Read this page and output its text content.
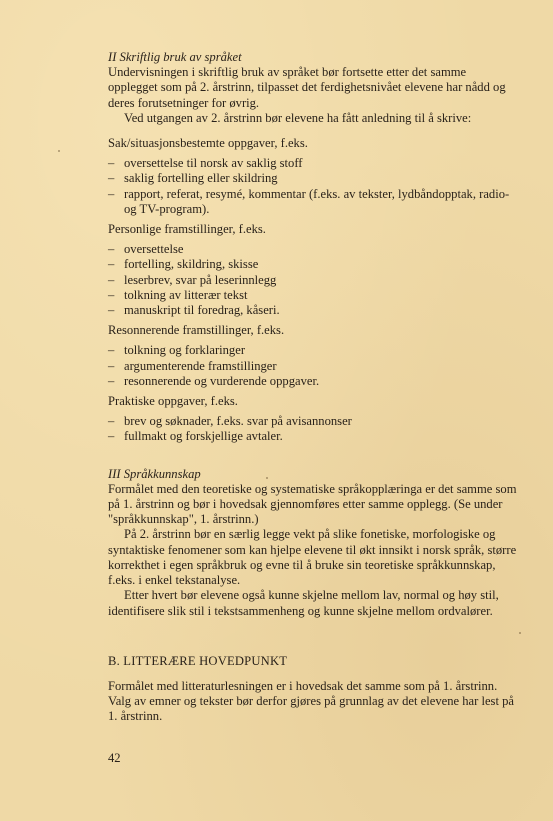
II Skriftlig bruk av språket

Undervisningen i skriftlig bruk av språket bør fortsette etter det samme opplegget som på 2. årstrinn, tilpasset det ferdighetsnivået elevene har nådd og deres forutsetninger for øvrig.

Ved utgangen av 2. årstrinn bør elevene ha fått anledning til å skrive:

Sak/situasjonsbestemte oppgaver, f.eks.

– oversettelse til norsk av saklig stoff
– saklig fortelling eller skildring
– rapport, referat, resymé, kommentar (f.eks. av tekster, lydbåndopptak, radio- og TV-program).

Personlige framstillinger, f.eks.

– oversettelse
– fortelling, skildring, skisse
– leserbrev, svar på leserinnlegg
– tolkning av litterær tekst
– manuskript til foredrag, kåseri.

Resonnerende framstillinger, f.eks.

– tolkning og forklaringer
– argumenterende framstillinger
– resonnerende og vurderende oppgaver.

Praktiske oppgaver, f.eks.

– brev og søknader, f.eks. svar på avisannonser
– fullmakt og forskjellige avtaler.

III Språkkunnskap

Formålet med den teoretiske og systematiske språkopplæringa er det samme som på 1. årstrinn og bør i hovedsak gjennomføres etter samme opplegg. (Se under "språkkunnskap", 1. årstrinn.)

På 2. årstrinn bør en særlig legge vekt på slike fonetiske, morfologiske og syntaktiske fenomener som kan hjelpe elevene til økt innsikt i norsk språk, større korrekthet i egen språkbruk og evne til å bruke sin teoretiske språkkunnskap, f.eks. i enkel tekstanalyse.

Etter hvert bør elevene også kunne skjelne mellom lav, normal og høy stil, identifisere slik stil i tekstsammenheng og kunne skjelne mellom ordvalører.

B. LITTERÆRE HOVEDPUNKT

Formålet med litteraturlesningen er i hovedsak det samme som på 1. årstrinn. Valg av emner og tekster bør derfor gjøres på grunnlag av det elevene har lest på 1. årstrinn.

42
